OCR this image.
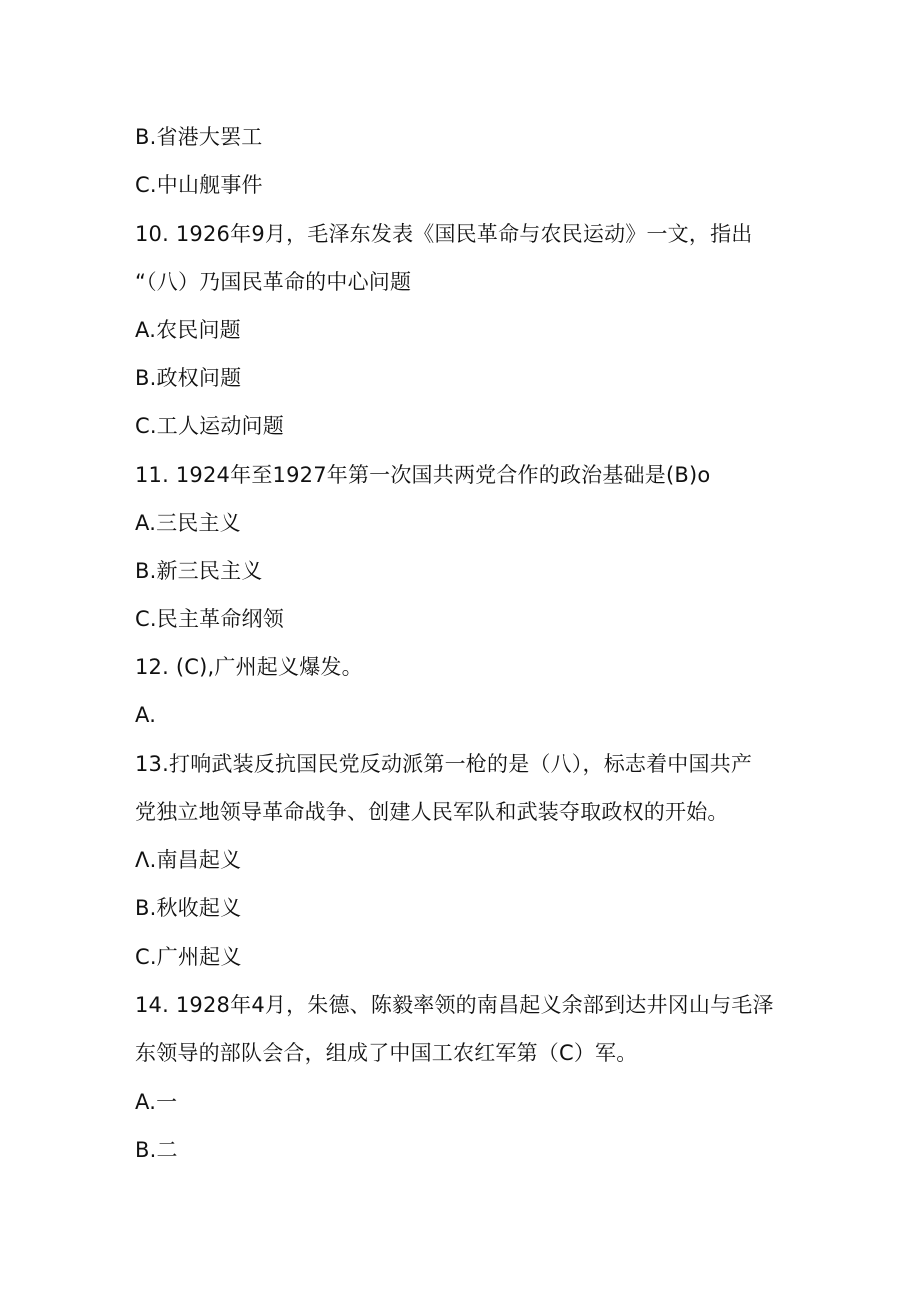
B.省港大罢工
C.中山舰事件
10. 1926年9月，毛泽东发表《国民革命与农民运动》一文，指出
“（八）乃国民革命的中心问题
A.农民问题
B.政权问题
C.工人运动问题
11. 1924年至1927年第一次国共两党合作的政治基础是(B)o
A.三民主义
B.新三民主义
C.民主革命纲领
12. (C),广州起义爆发。
A.
13.打响武装反抗国民党反动派第一枪的是（八），标志着中国共产
党独立地领导革命战争、创建人民军队和武装夺取政权的开始。
Λ.南昌起义
B.秋收起义
C.广州起义
14. 1928年4月，朱德、陈毅率领的南昌起义余部到达井冈山与毛泽
东领导的部队会合，组成了中国工农红军第（C）军。
A.一
B.二
